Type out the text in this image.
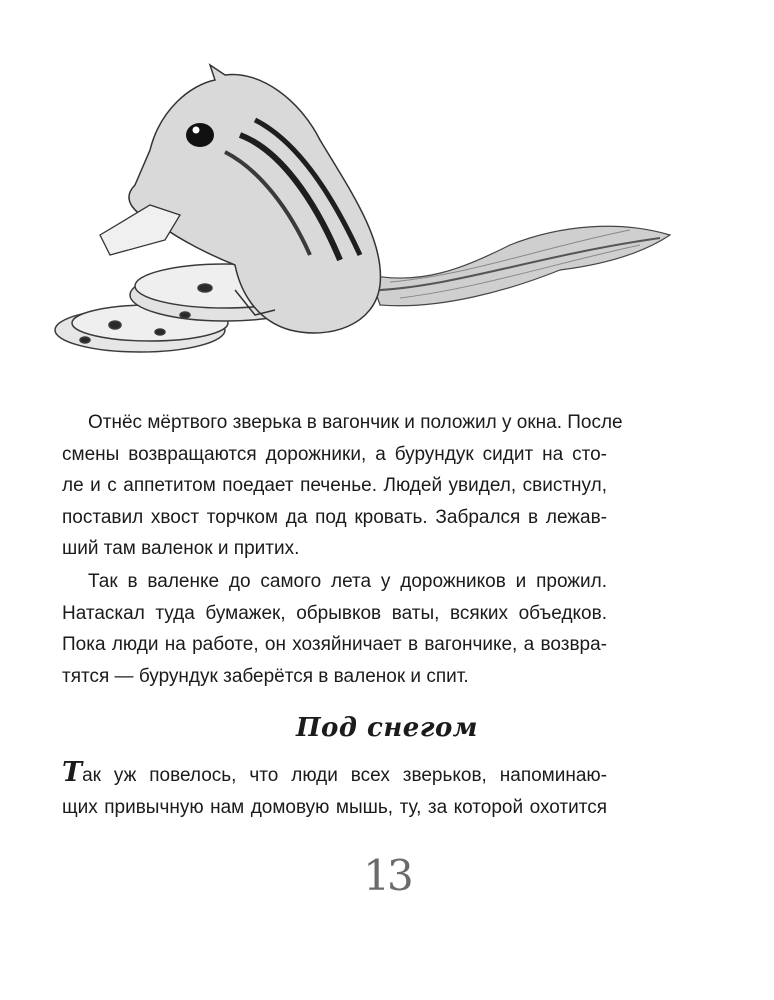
Отнёс мёртвого зверька в вагончик и положил у окна. После
смены возвращаются дорожники, а бурундук сидит на сто-
ле и с аппетитом поедает печенье. Людей увидел, свистнул,
поставил хвост торчком да под кровать. Забрался в лежав-
ший там валенок и притих.
Так в валенке до самого лета у дорожников и прожил.
Натаскал туда бумажек, обрывков ваты, всяких объедков.
Пока люди на работе, он хозяйничает в вагончике, а возвра-
тятся — бурундук заберётся в валенок и спит.
Под снегом
Так уж повелось, что люди всех зверьков, напоминаю-
щих привычную нам домовую мышь, ту, за которой охотится
13
